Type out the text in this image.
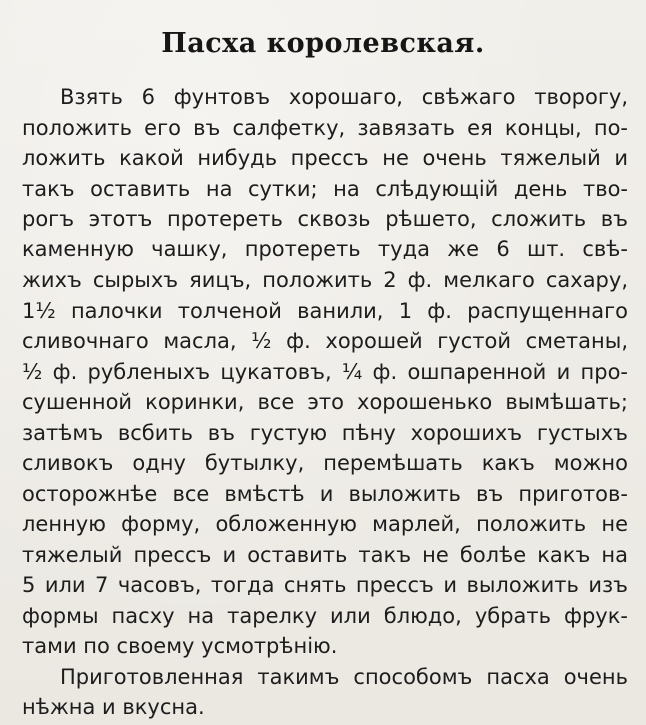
Пасха королевская.
Взять 6 фунтовъ хорошаго, свѣжаго творогу,
положить его въ салфетку, завязать ея концы, по-
ложить какой нибудь прессъ не очень тяжелый и
такъ оставить на сутки; на слѣдующій день тво-
рогъ этотъ протереть сквозь рѣшето, сложить въ
каменную чашку, протереть туда же 6 шт. свѣ-
жихъ сырыхъ яицъ, положить 2 ф. мелкаго сахару,
1½ палочки толченой ванили, 1 ф. распущеннаго
сливочнаго масла, ½ ф. хорошей густой сметаны,
½ ф. рубленыхъ цукатовъ, ¼ ф. ошпаренной и про-
сушенной коринки, все это хорошенько вымѣшать;
затѣмъ всбить въ густую пѣну хорошихъ густыхъ
сливокъ одну бутылку, перемѣшать какъ можно
осторожнѣе все вмѣстѣ и выложить въ приготов-
ленную форму, обложенную марлей, положить не
тяжелый прессъ и оставить такъ не болѣе какъ на
5 или 7 часовъ, тогда снять прессъ и выложить изъ
формы пасху на тарелку или блюдо, убрать фрук-
тами по своему усмотрѣнію.
Приготовленная такимъ способомъ пасха очень
нѣжна и вкусна.
